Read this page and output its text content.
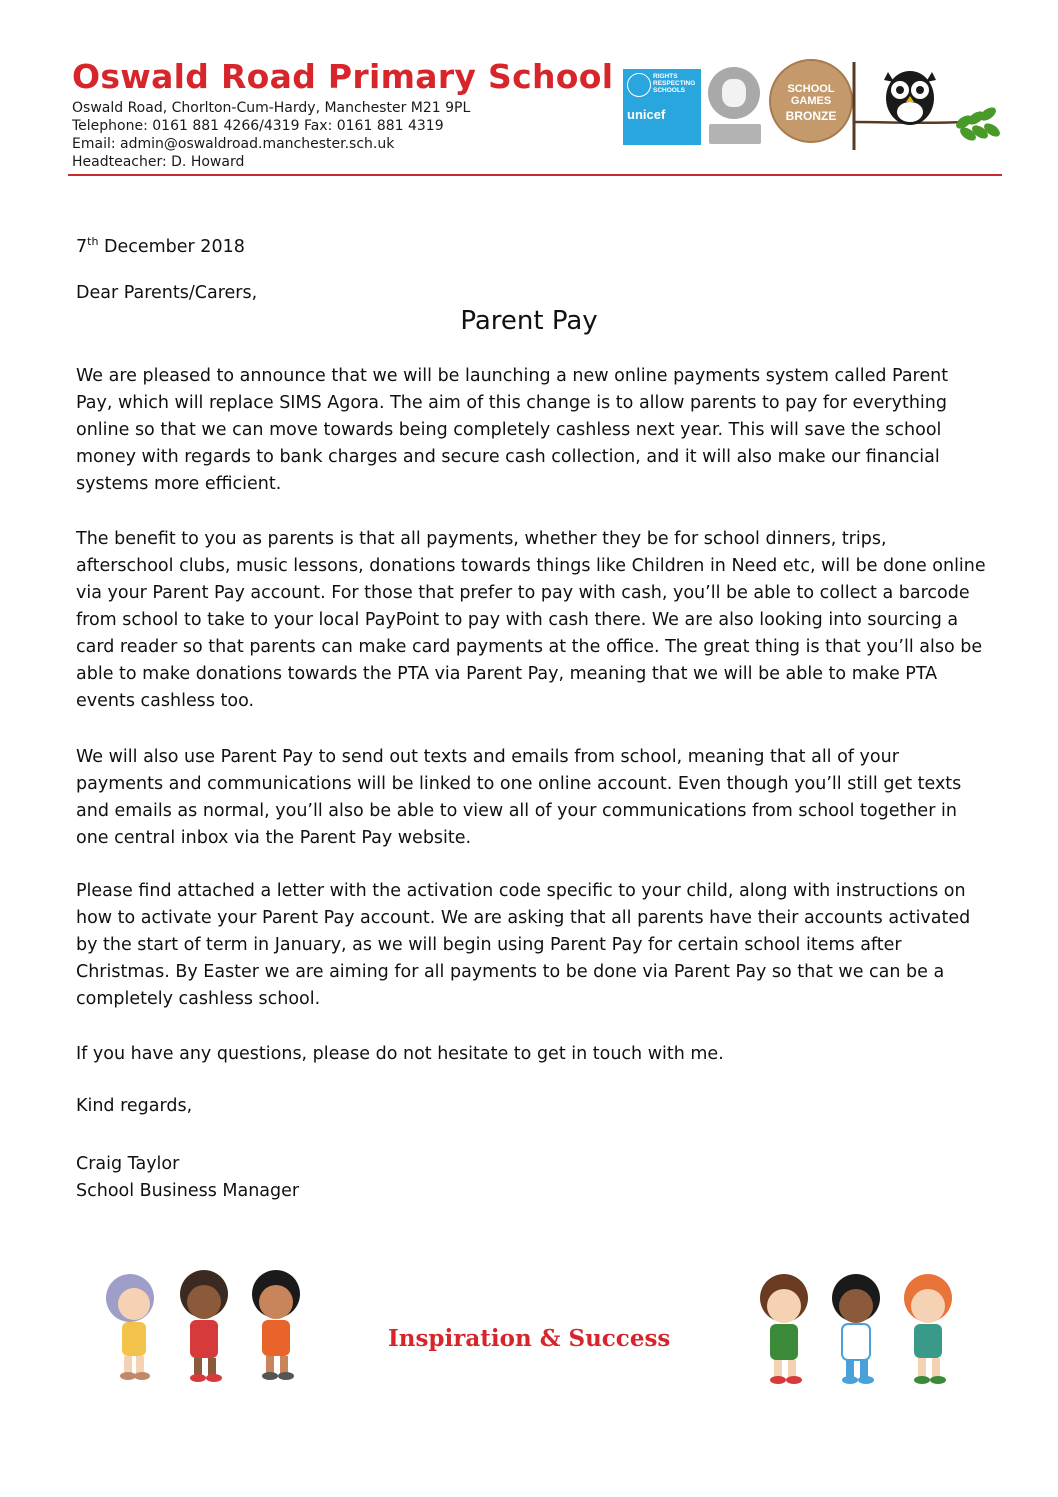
Oswald Road Primary School
Oswald Road, Chorlton-Cum-Hardy, Manchester M21 9PL
Telephone: 0161 881 4266/4319 Fax: 0161 881 4319
Email: admin@oswaldroad.manchester.sch.uk
Headteacher: D. Howard
RIGHTS RESPECTING SCHOOLS
unicef
SCHOOL GAMES
BRONZE
7th December 2018
Dear Parents/Carers,
Parent Pay
We are pleased to announce that we will be launching a new online payments system called Parent Pay, which will replace SIMS Agora. The aim of this change is to allow parents to pay for everything online so that we can move towards being completely cashless next year. This will save the school money with regards to bank charges and secure cash collection, and it will also make our financial systems more efficient.
The benefit to you as parents is that all payments, whether they be for school dinners, trips, afterschool clubs, music lessons, donations towards things like Children in Need etc, will be done online via your Parent Pay account. For those that prefer to pay with cash, you’ll be able to collect a barcode from school to take to your local PayPoint to pay with cash there. We are also looking into sourcing a card reader so that parents can make card payments at the office. The great thing is that you’ll also be able to make donations towards the PTA via Parent Pay, meaning that we will be able to make PTA events cashless too.
We will also use Parent Pay to send out texts and emails from school, meaning that all of your payments and communications will be linked to one online account. Even though you’ll still get texts and emails as normal, you’ll also be able to view all of your communications from school together in one central inbox via the Parent Pay website.
Please find attached a letter with the activation code specific to your child, along with instructions on how to activate your Parent Pay account. We are asking that all parents have their accounts activated by the start of term in January, as we will begin using Parent Pay for certain school items after Christmas. By Easter we are aiming for all payments to be done via Parent Pay so that we can be a completely cashless school.
If you have any questions, please do not hesitate to get in touch with me.
Kind regards,
Craig Taylor
School Business Manager
Inspiration & Success
